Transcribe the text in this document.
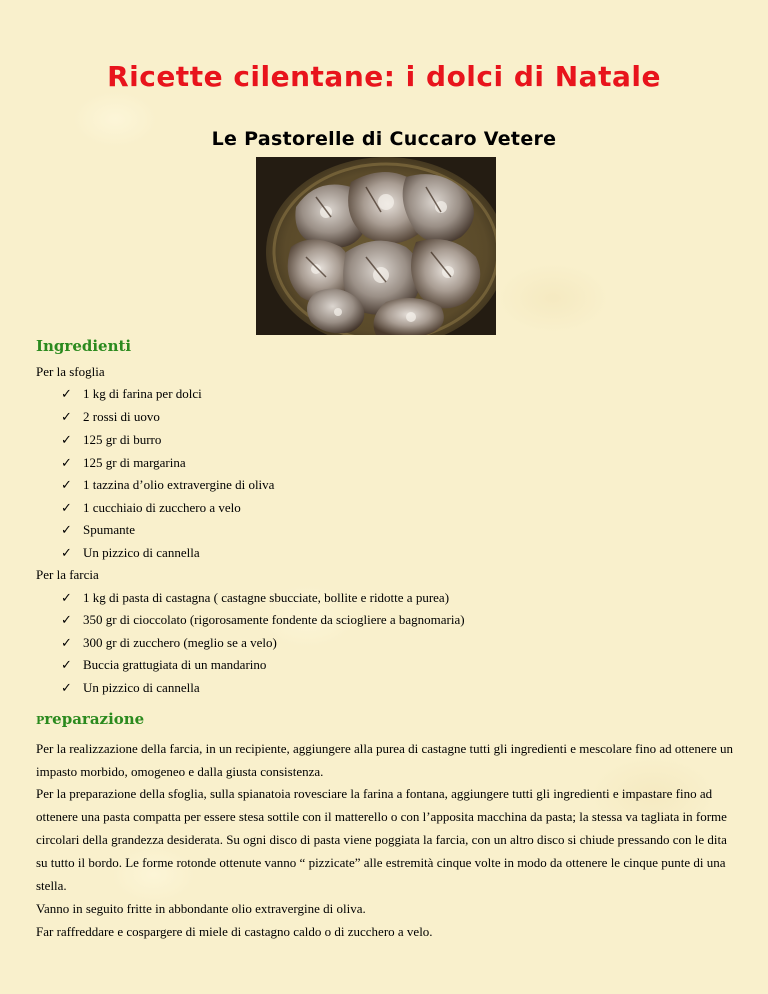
Ricette cilentane: i dolci di Natale
Le Pastorelle di Cuccaro Vetere
Ingredienti
Per la sfoglia
✓ 1 kg di farina per dolci
✓ 2 rossi di uovo
✓ 125 gr di burro
✓ 125 gr di margarina
✓ 1 tazzina d’olio extravergine di oliva
✓ 1 cucchiaio di zucchero a velo
✓ Spumante
✓ Un pizzico di cannella
Per la farcia
✓ 1 kg di pasta di castagna ( castagne sbucciate, bollite e ridotte a purea)
✓ 350 gr di cioccolato (rigorosamente fondente da sciogliere a bagnomaria)
✓ 300 gr di zucchero (meglio se a velo)
✓ Buccia grattugiata di un mandarino
✓ Un pizzico di cannella
Preparazione

Per la realizzazione della farcia, in un recipiente, aggiungere alla purea di castagne tutti gli ingredienti e mescolare fino ad ottenere un impasto morbido, omogeneo e dalla giusta consistenza.

Per la preparazione della sfoglia, sulla spianatoia rovesciare la farina a fontana, aggiungere tutti gli ingredienti e impastare fino ad ottenere una pasta compatta per essere stesa sottile con il matterello o con l’apposita macchina da pasta; la stessa va tagliata in forme circolari della grandezza desiderata. Su ogni disco di pasta viene poggiata la farcia, con un altro disco si chiude pressando con le dita su tutto il bordo. Le forme rotonde ottenute vanno “ pizzicate” alle estremità cinque volte in modo da ottenere le cinque punte di una stella.

Vanno in seguito fritte in abbondante olio extravergine di oliva.

Far raffreddare e cospargere di miele di castagno caldo o di zucchero a velo.
